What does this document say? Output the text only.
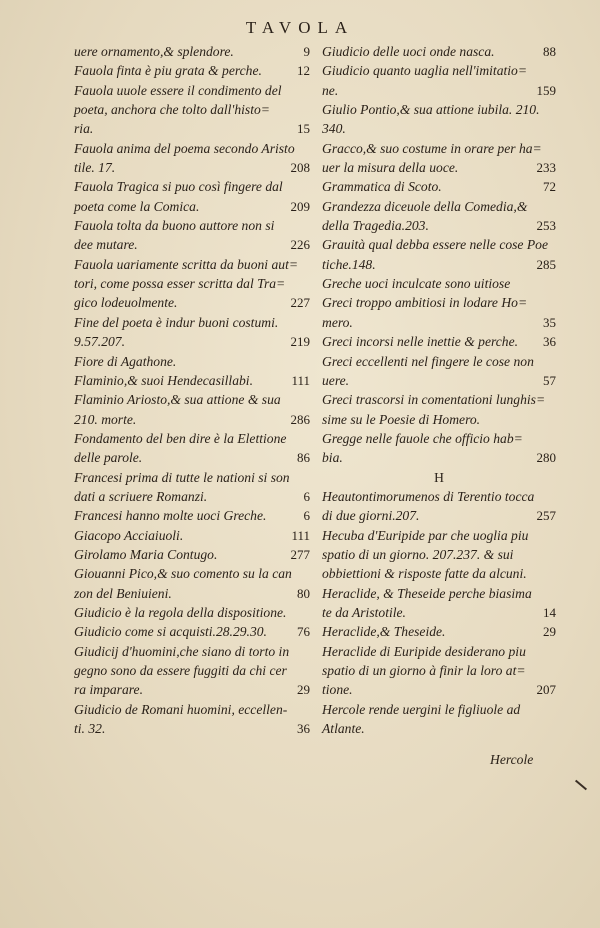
TAVOLA
uere ornamento,& splendore.	9
Fauola finta è piu grata & perche.	12
Fauola uuole essere il condimento del
poeta, anchora che tolto dall'histo=
ria.	15
Fauola anima del poema secondo Aristo
tile. 17.	208
Fauola Tragica si puo così fingere dal
poeta come la Comica.	209
Fauola tolta da buono auttore non si
dee mutare.	226
Fauola uariamente scritta da buoni aut=
tori, come possa esser scritta dal Tra=
gico lodeuolmente.	227
Fine del poeta è indur buoni costumi.
9.57.207.	219
Fiore di Agathone.
Flaminio,& suoi Hendecasillabi.	111
Flaminio Ariosto,& sua attione & sua
210. morte.	286
Fondamento del ben dire è la Elettione
delle parole.	86
Francesi prima di tutte le nationi si son
dati a scriuere Romanzi.	6
Francesi hanno molte uoci Greche.	6
Giacopo Acciaiuoli.	111
Girolamo Maria Contugo.	277
Giouanni Pico,& suo comento su la can
zon del Beniuieni.	80
Giudicio è la regola della dispositione.
Giudicio come si acquisti.28.29.30. 76
Giudicij d'huomini,che siano di torto in
gegno sono da essere fuggiti da chi cer
ra imparare.	29
Giudicio de Romani huomini, eccellen-
ti. 32.	36
Giudicio delle uoci onde nasca.	88
Giudicio quanto uaglia nell'imitatio=
ne.	159
Giulio Pontio,& sua attione iubila. 210.
340.
Gracco,& suo costume in orare per ha=
uer la misura della uoce.	233
Grammatica di Scoto.	72
Grandezza diceuole della Comedia,&
della Tragedia.203.	253
Grauità qual debba essere nelle cose Poe
tiche.148.	285
Greche uoci inculcate sono uitiose
Greci troppo ambitiosi in lodare Ho=
mero.	35
Greci incorsi nelle inettie & perche. 36
Greci eccellenti nel fingere le cose non
uere.	57
Greci trascorsi in comentationi lunghis=
sime su le Poesie di Homero.
Gregge nelle fauole che officio hab=
bia.	280
H
Heautontimorumenos di Terentio tocca
di due giorni.207.	257
Hecuba d'Euripide par che uoglia piu
spatio di un giorno. 207.237. & sui
obbiettioni & risposte fatte da alcuni.
Heraclide, & Theseide perche biasima
te da Aristotile.	14
Heraclide,& Theseide.	29
Heraclide di Euripide desiderano piu
spatio di un giorno à finir la loro at=
tione.	207
Hercole rende uergini le figliuole ad
Atlante.
Hercole
